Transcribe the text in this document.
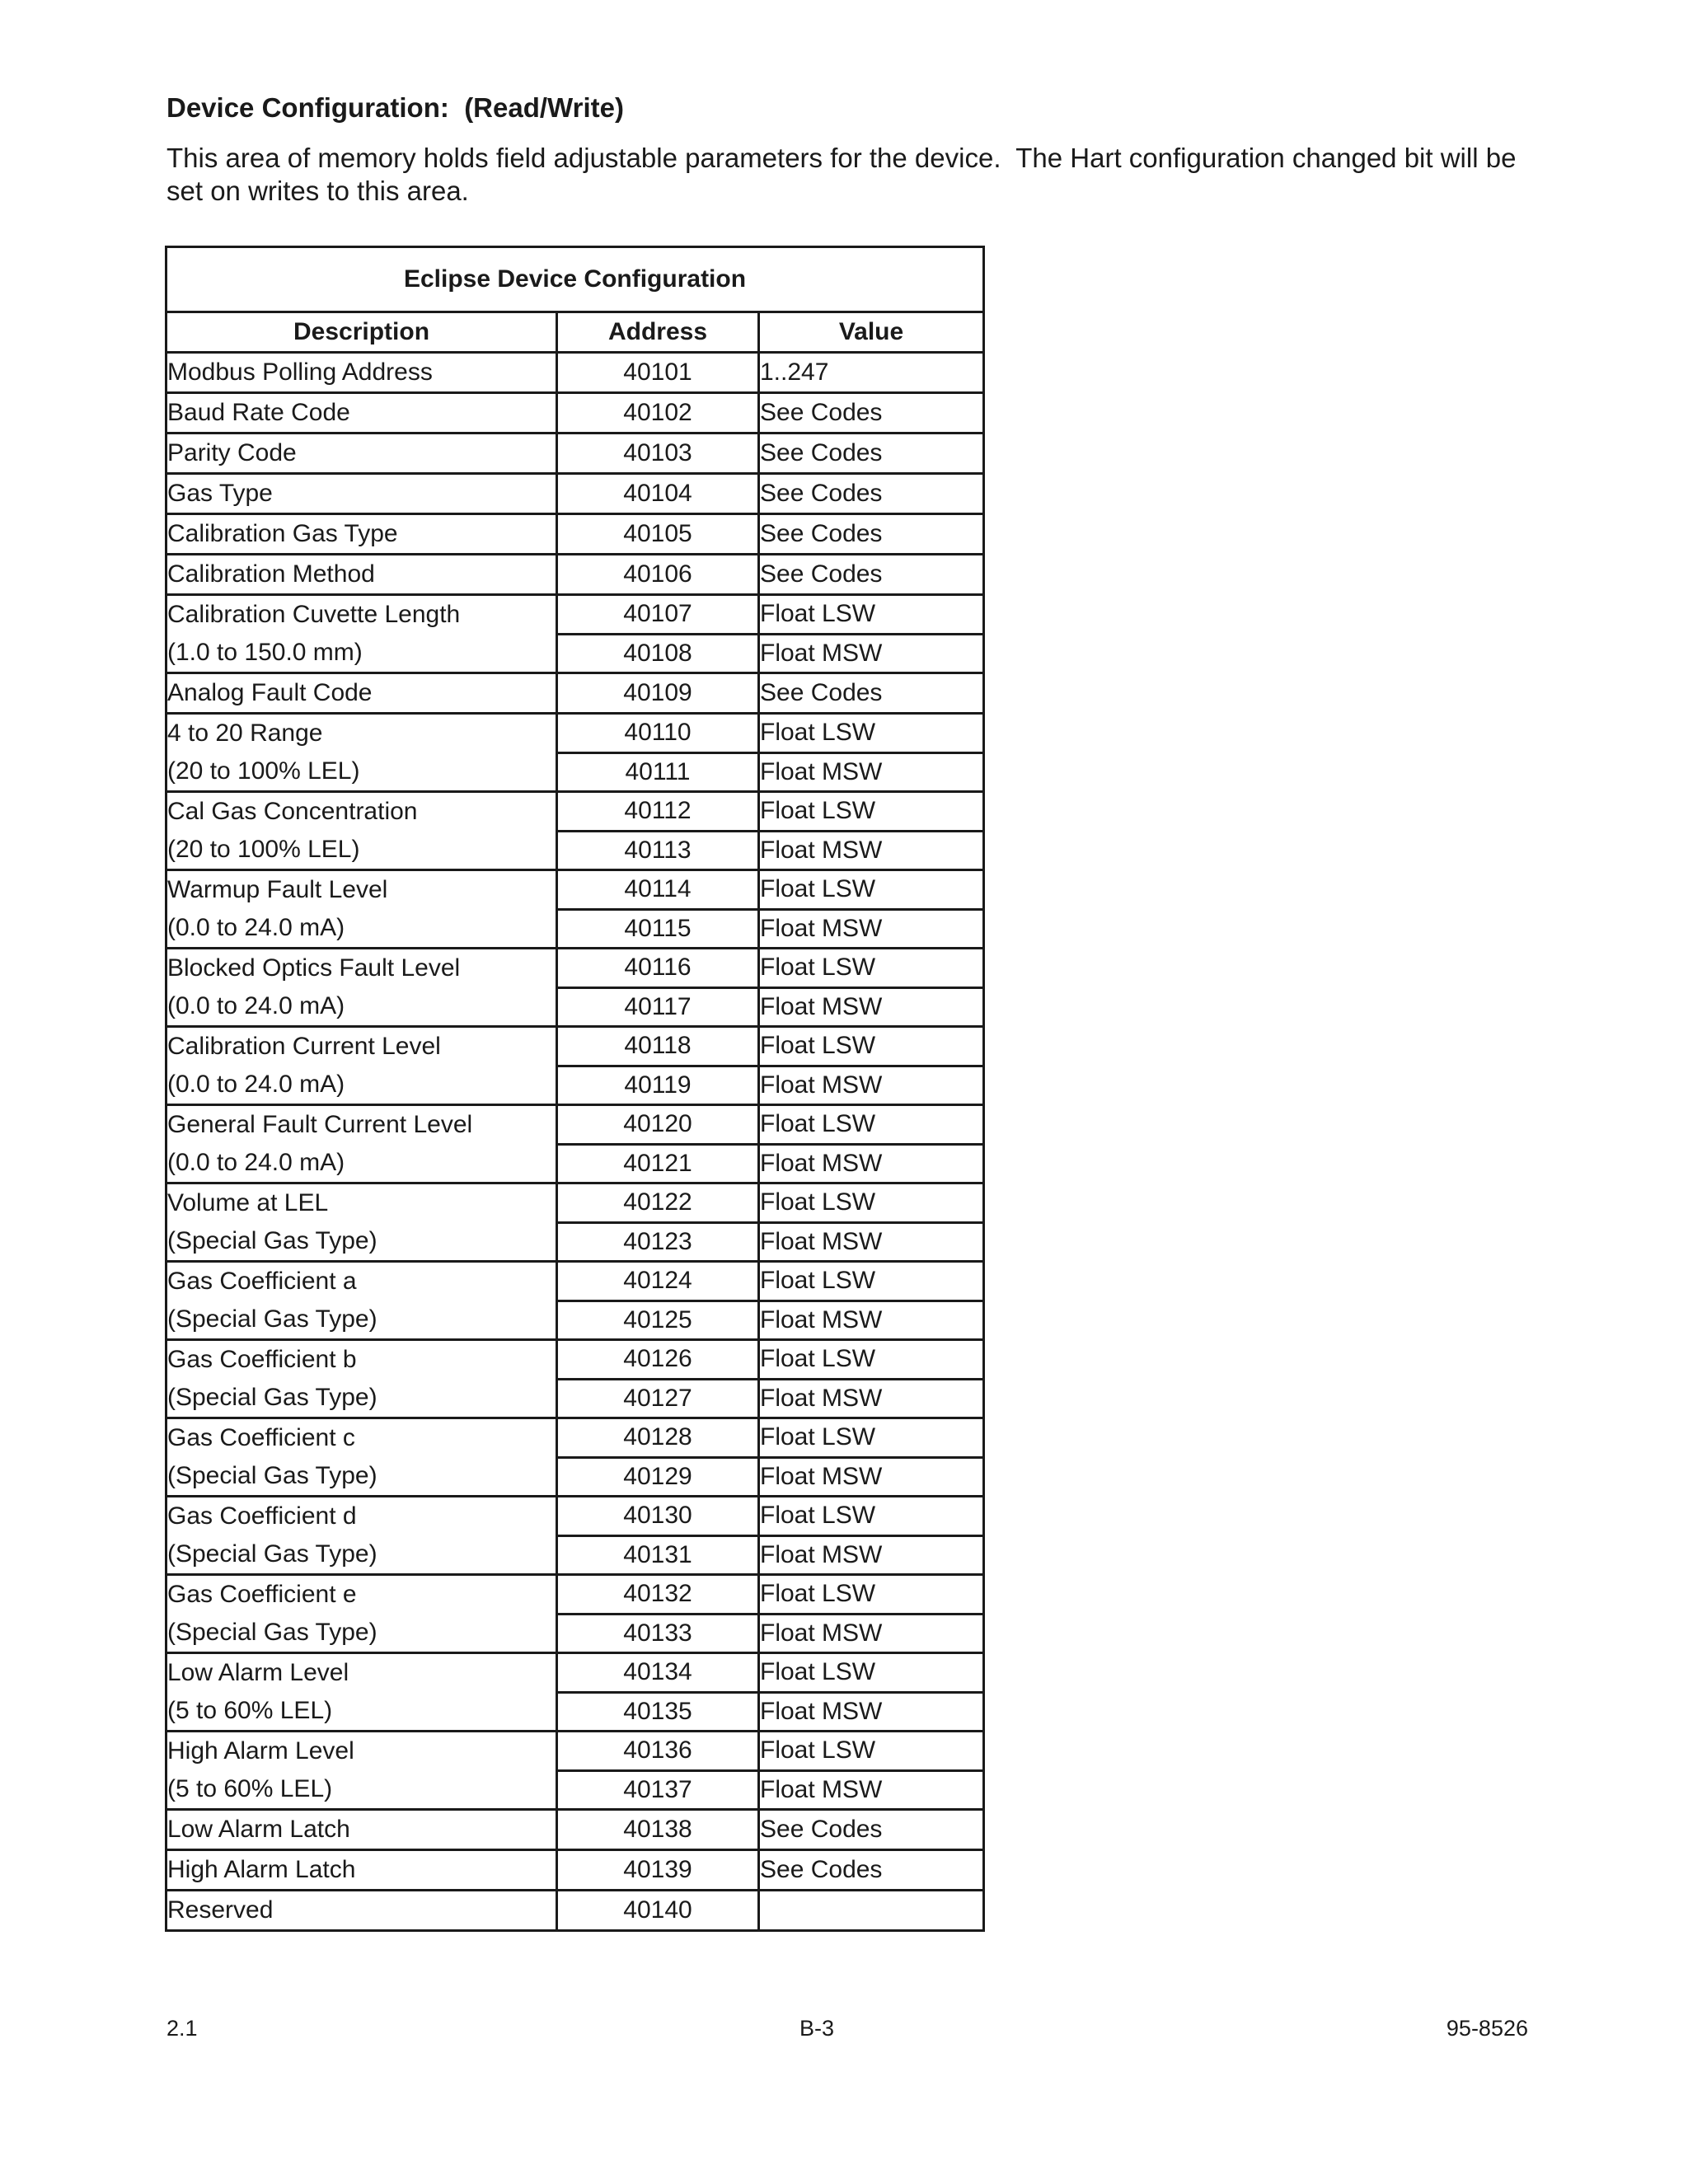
Device Configuration:  (Read/Write)

This area of memory holds field adjustable parameters for the device.  The Hart configuration changed bit will be set on writes to this area.

Eclipse Device Configuration		
Description	Address	Value

Modbus Polling Address	40101	1..247

Baud Rate Code	40102	See Codes

Parity Code	40103	See Codes

Gas Type	40104	See Codes

Calibration Gas Type	40105	See Codes

Calibration Method	40106	See Codes

Calibration Cuvette Length
(1.0 to 150.0 mm)	40107	Float LSW
	40108	Float MSW

Analog Fault Code	40109	See Codes

4 to 20 Range
(20 to 100% LEL)	40110	Float LSW
	40111	Float MSW

Cal Gas Concentration
(20 to 100% LEL)	40112	Float LSW
	40113	Float MSW

Warmup Fault Level
(0.0 to 24.0 mA)	40114	Float LSW
	40115	Float MSW

Blocked Optics Fault Level
(0.0 to 24.0 mA)	40116	Float LSW
	40117	Float MSW

Calibration Current Level
(0.0 to 24.0 mA)	40118	Float LSW
	40119	Float MSW

General Fault Current Level
(0.0 to 24.0 mA)	40120	Float LSW
	40121	Float MSW

Volume at LEL
(Special Gas Type)	40122	Float LSW
	40123	Float MSW

Gas Coefficient a
(Special Gas Type)	40124	Float LSW
	40125	Float MSW

Gas Coefficient b
(Special Gas Type)	40126	Float LSW
	40127	Float MSW

Gas Coefficient c
(Special Gas Type)	40128	Float LSW
	40129	Float MSW

Gas Coefficient d
(Special Gas Type)	40130	Float LSW
	40131	Float MSW

Gas Coefficient e
(Special Gas Type)	40132	Float LSW
	40133	Float MSW

Low Alarm Level
(5 to 60% LEL)	40134	Float LSW
	40135	Float MSW

High Alarm Level
(5 to 60% LEL)	40136	Float LSW
	40137	Float MSW

Low Alarm Latch	40138	See Codes

High Alarm Latch	40139	See Codes

Reserved	40140	
2.1	B-3	95-8526
